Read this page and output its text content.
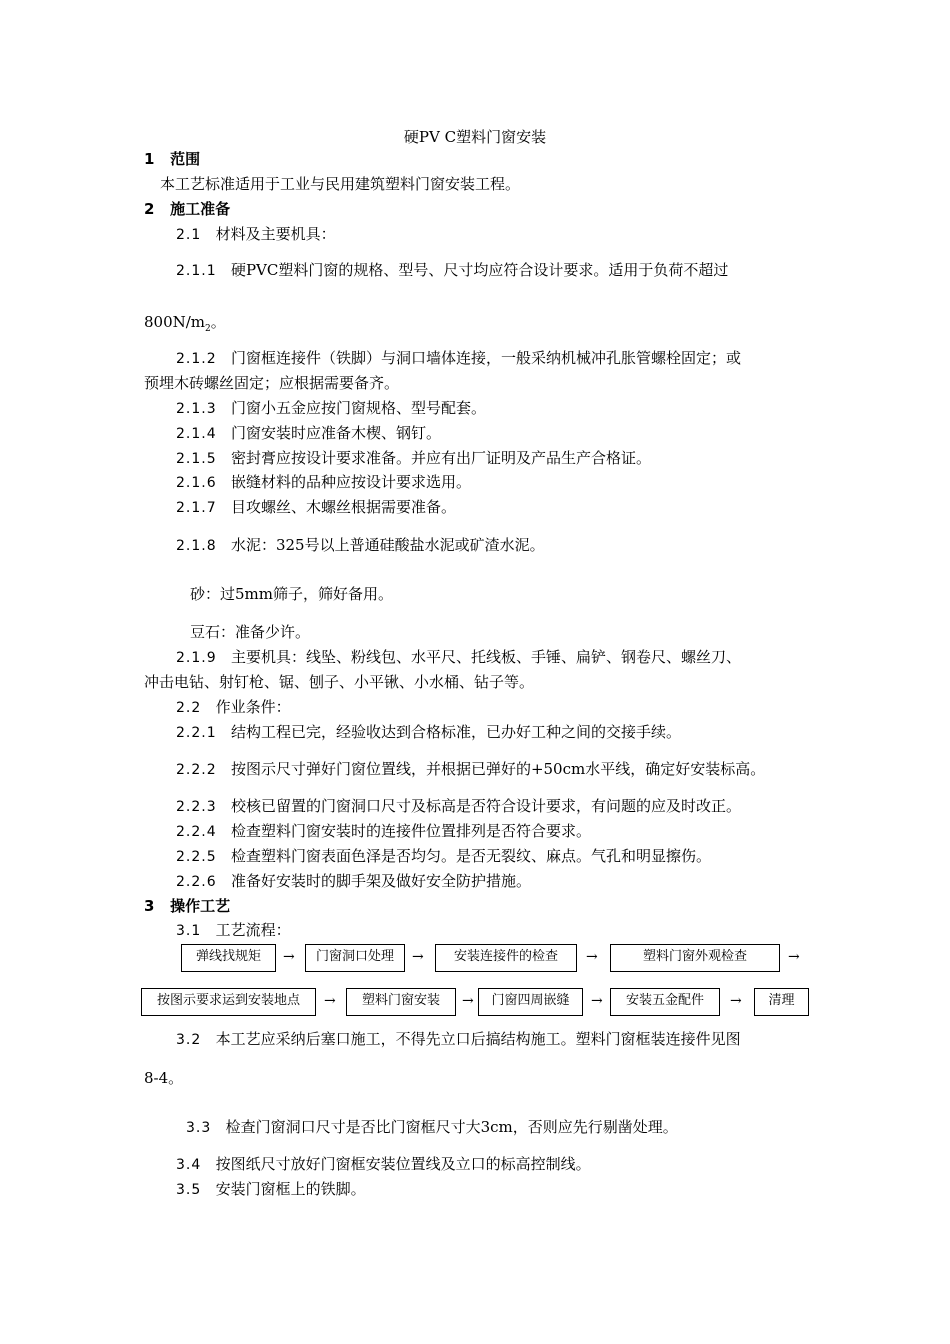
硬PV C塑料门窗安装
1 范围
本工艺标准适用于工业与民用建筑塑料门窗安装工程。
2 施工准备
2.1 材料及主要机具：
2.1.1 硬PVC塑料门窗的规格、型号、尺寸均应符合设计要求。适用于负荷不超过
$800N/m_2$。
2.1.2 门窗框连接件（铁脚）与洞口墙体连接，一般采纳机械冲孔胀管螺栓固定；或
预埋木砖螺丝固定；应根据需要备齐。
2.1.3 门窗小五金应按门窗规格、型号配套。
2.1.4 门窗安装时应准备木楔、钢钉。
2.1.5 密封膏应按设计要求准备。并应有出厂证明及产品生产合格证。
2.1.6 嵌缝材料的品种应按设计要求选用。
2.1.7 目攻螺丝、木螺丝根据需要准备。
2.1.8 水泥：325号以上普通硅酸盐水泥或矿渣水泥。
砂：过5mm筛子，筛好备用。
豆石：准备少许。
2.1.9 主要机具：线坠、粉线包、水平尺、托线板、手锤、扁铲、钢卷尺、螺丝刀、
冲击电钻、射钉枪、锯、刨子、小平锹、小水桶、钻子等。
2.2 作业条件：
2.2.1 结构工程已完，经验收达到合格标准，已办好工种之间的交接手续。
2.2.2 按图示尺寸弹好门窗位置线，并根据已弹好的+50cm水平线，确定好安装标高。
2.2.3 校核已留置的门窗洞口尺寸及标高是否符合设计要求，有问题的应及时改正。
2.2.4 检查塑料门窗安装时的连接件位置排列是否符合要求。
2.2.5 检查塑料门窗表面色泽是否均匀。是否无裂纹、麻点。气孔和明显擦伤。
2.2.6 准备好安装时的脚手架及做好安全防护措施。
3 操作工艺
3.1 工艺流程：
弹线找规矩	→	门窗洞口处理	→	安装连接件的检查	→	塑料门窗外观检查	→
按图示要求运到安装地点	→	塑料门窗安装	→	门窗四周嵌缝	→	安装五金配件	→	清理
3.2 本工艺应采纳后塞口施工，不得先立口后搞结构施工。塑料门窗框装连接件见图
8-4。
3.3 检查门窗洞口尺寸是否比门窗框尺寸大3cm，否则应先行剔凿处理。
3.4 按图纸尺寸放好门窗框安装位置线及立口的标高控制线。
3.5 安装门窗框上的铁脚。
